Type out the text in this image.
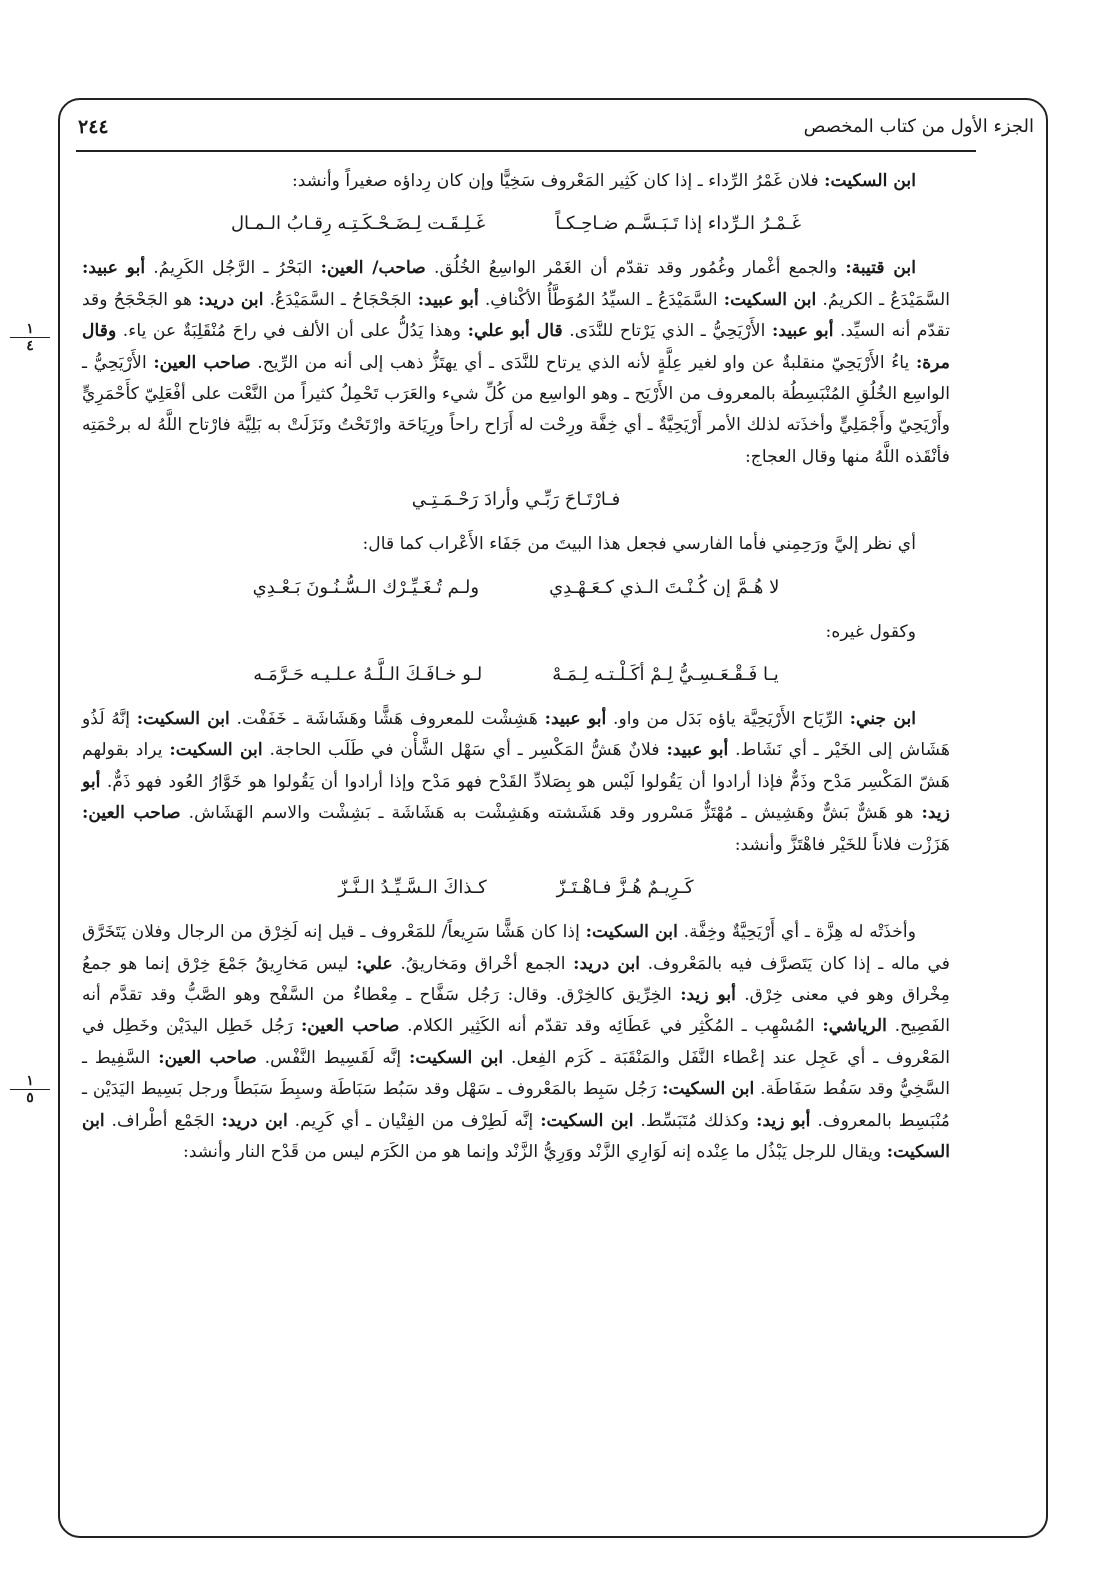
٢٤٤	الجزء الأول من كتاب المخصص
١
٤
١
٥

ابن السكيت: فلان غَمْرُ الرِّداء ـ إذا كان كَثِير المَعْروف سَخِيًّا وإن كان رِداؤه صغيراً وأنشد:

غَـمْـرُ الـرِّداء إذا تَـبَـسَّـم ضـاحِـكـاً
غَـلِـقَـت لِـضَـحْـكَـتِـه رِقـابُ الـمـال

ابن قتيبة: والجمع أغْمار وغُمُور وقد تقدّم أن الغَمْر الواسِعُ الخُلُق. صاحب/ العين: البَحْرُ ـ الرَّجُل الكَرِيمُ. أبو عبيد: السَّمَيْدَعُ ـ الكريمُ. ابن السكيت: السَّمَيْدَعُ ـ السيِّدُ المُوَطَّأُ الأكْنافِ. أبو عبيد: الجَحْجَاحُ ـ السَّمَيْدَعُ. ابن دريد: هو الجَحْجَحُ وقد تقدّم أنه السيِّد. أبو عبيد: الأَرْيَحِيُّ ـ الذي يَرْتاح للنَّدَى. قال أبو علي: وهذا يَدُلُّ على أن الألف في راحَ مُنْقَلِبَةٌ عن ياء. وقال مرة: ياءُ الأَرْيَحِيّ منقلبةٌ عن واو لغير عِلَّةٍ لأنه الذي يرتاح للنَّدَى ـ أي يهتَزُّ ذهب إلى أنه من الرِّيح. صاحب العين: الأَرْيَحِيُّ ـ الواسِع الخُلُقِ المُنْبَسِطُة بالمعروف من الأَرْيَح ـ وهو الواسِع من كُلِّ شيء والعَرَب تَحْمِلُ كثيراً من النَّعْت على أفْعَلِيّ كأَحْمَرِيٍّ وأَرْيَحِيّ وأَجْمَلِيٍّ وأخذَته لذلك الأمر أَرْيَحِيَّةٌ ـ أي خِفَّة ورِحْت له أَرَاح راحاً ورِيَاحَة وارْتَحْتُ ونَزَلَتْ به بَلِيَّة فارْتاح اللَّهُ له برحْمَتِه فأنْقَذه اللَّهُ منها وقال العجاج:

فـارْتَـاحَ رَبِّـي وأرادَ رَحْـمَـتِـي

أي نظر إليَّ ورَحِمِني فأما الفارسي فجعل هذا البيتَ من جَفَاء الأَعْراب كما قال:

لا هُـمَّ إن كُـنْـتَ الـذي كـعَـهْـدِي
ولـم تُـغَـيِّـرْك الـسُّـنُـونَ بَـعْـدِي

وكقول غيره:

يـا فَـقْـعَـسِـيُّ لِـمْ أكَـلْـتـه لِـمَـهْ
لـو خـافَـكَ الـلَّـهُ عـلـيـه حَـرَّمَـه

ابن جني: الرِّيَاح الأَرْيَحِيَّة ياؤه بَدَل من واو. أبو عبيد: هَشِشْت للمعروف هَشًّا وهَشَاشَة ـ خَفَفْت. ابن السكيت: إنَّهُ لَذُو هَشَاش إلى الخَيْر ـ أي نَشَاط. أبو عبيد: فلانٌ هَشُّ المَكْسِر ـ أي سَهْل الشَّأْن في طَلَب الحاجة. ابن السكيت: يراد بقولهم هَشّ المَكْسِر مَدْح وذَمٌّ فإذا أرادوا أن يَقُولوا لَيْس هو بِصَلادِّ القَدْح فهو مَدْح وإذا أرادوا أن يَقُولوا هو خَوَّارُ العُود فهو ذَمٌّ. أبو زيد: هو هَشٌّ بَشٌّ وهَشِيش ـ مُهْتَزٌّ مَسْرور وقد هَشَشته وهَشِشْت به هَشَاشَة ـ بَشِشْت والاسم الهَشَاش. صاحب العين: هَزَزْت فلاناً للخَيْر فاهْتَزَّ وأنشد:

كَـرِيـمٌ هُـزَّ فـاهْـتَـزّ
كـذاكَ الـسَّـيِّـدُ الـنَّـزّ

وأخذَتْه له هِزَّة ـ أي أَرْيَحِيَّةٌ وخِفَّة. ابن السكيت: إذا كان هَشًّا سَرِيعاً/ للمَعْروف ـ قيل إنه لَخِرْق من الرجال وفلان يَتَخَرَّق في ماله ـ إذا كان يَتَصرَّف فيه بالمَعْروف. ابن دريد: الجمع أخْراق ومَخاريقُ. علي: ليس مَخارِيقُ جَمْعَ خِرْق إنما هو جمعُ مِخْراق وهو في معنى خِرْق. أبو زيد: الخِرِّيق كالخِرْق. وقال: رَجُل سَفَّاح ـ مِعْطاءٌ من السَّفْح وهو الصَّبُّ وقد تقدَّم أنه الفَصِيح. الرياشي: المُسْهِب ـ المُكْثِر في عَطَائِه وقد تقدّم أنه الكَثِير الكلام. صاحب العين: رَجُل خَطِل اليدَيْن وخَطِل في المَعْروف ـ أي عَجِل عند إعْطاء النَّفَل والمَنْقَبَة ـ كَرَم الفِعل. ابن السكيت: إنَّه لَقَسِيط النَّفْس. صاحب العين: السَّفِيط ـ السَّخِيُّ وقد سَفُط سَفَاطَة. ابن السكيت: رَجُل سَبِط بالمَعْروف ـ سَهْل وقد سَبُط سَبَاطَة وسبِطَ سَبَطاً ورجل بَسِيط اليَدَيْن ـ مُنْبَسِط بالمعروف. أبو زيد: وكذلك مُتَبَسِّط. ابن السكيت: إنَّه لَطِرْف من الفِتْيان ـ أي كَرِيم. ابن دريد: الجَمْع أطْراف. ابن السكيت: ويقال للرجل يَبْذُل ما عِنْده إنه لَوَارِي الزَّنْد ووَرِيُّ الزَّنْد وإنما هو من الكَرَم ليس من قَدْح النار وأنشد:
